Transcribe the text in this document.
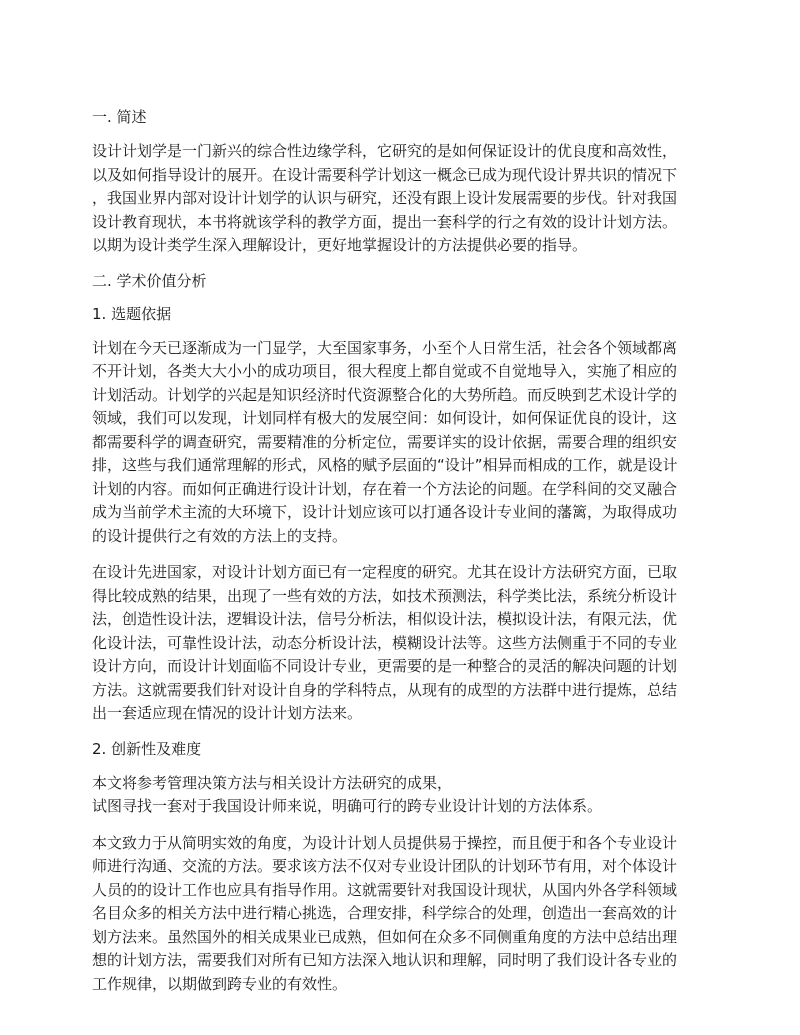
一. 简述

设计计划学是一门新兴的综合性边缘学科，它研究的是如何保证设计的优良度和高效性，
以及如何指导设计的展开。在设计需要科学计划这一概念已成为现代设计界共识的情况下
，我国业界内部对设计计划学的认识与研究，还没有跟上设计发展需要的步伐。针对我国
设计教育现状，本书将就该学科的教学方面，提出一套科学的行之有效的设计计划方法。
以期为设计类学生深入理解设计，更好地掌握设计的方法提供必要的指导。

二. 学术价值分析
1. 选题依据

计划在今天已逐渐成为一门显学，大至国家事务，小至个人日常生活，社会各个领域都离
不开计划，各类大大小小的成功项目，很大程度上都自觉或不自觉地导入，实施了相应的
计划活动。计划学的兴起是知识经济时代资源整合化的大势所趋。而反映到艺术设计学的
领域，我们可以发现，计划同样有极大的发展空间：如何设计，如何保证优良的设计，这
都需要科学的调查研究，需要精准的分析定位，需要详实的设计依据，需要合理的组织安
排，这些与我们通常理解的形式，风格的赋予层面的“设计”相异而相成的工作，就是设计
计划的内容。而如何正确进行设计计划，存在着一个方法论的问题。在学科间的交叉融合
成为当前学术主流的大环境下，设计计划应该可以打通各设计专业间的藩篱，为取得成功
的设计提供行之有效的方法上的支持。

在设计先进国家，对设计计划方面已有一定程度的研究。尤其在设计方法研究方面，已取
得比较成熟的结果，出现了一些有效的方法，如技术预测法，科学类比法，系统分析设计
法，创造性设计法，逻辑设计法，信号分析法，相似设计法，模拟设计法，有限元法，优
化设计法，可靠性设计法，动态分析设计法，模糊设计法等。这些方法侧重于不同的专业
设计方向，而设计计划面临不同设计专业，更需要的是一种整合的灵活的解决问题的计划
方法。这就需要我们针对设计自身的学科特点，从现有的成型的方法群中进行提炼，总结
出一套适应现在情况的设计计划方法来。

2. 创新性及难度

本文将参考管理决策方法与相关设计方法研究的成果，
试图寻找一套对于我国设计师来说，明确可行的跨专业设计计划的方法体系。

本文致力于从简明实效的角度，为设计计划人员提供易于操控，而且便于和各个专业设计
师进行沟通、交流的方法。要求该方法不仅对专业设计团队的计划环节有用，对个体设计
人员的的设计工作也应具有指导作用。这就需要针对我国设计现状，从国内外各学科领域
名目众多的相关方法中进行精心挑选，合理安排，科学综合的处理，创造出一套高效的计
划方法来。虽然国外的相关成果业已成熟，但如何在众多不同侧重角度的方法中总结出理
想的计划方法，需要我们对所有已知方法深入地认识和理解，同时明了我们设计各专业的
工作规律，以期做到跨专业的有效性。
